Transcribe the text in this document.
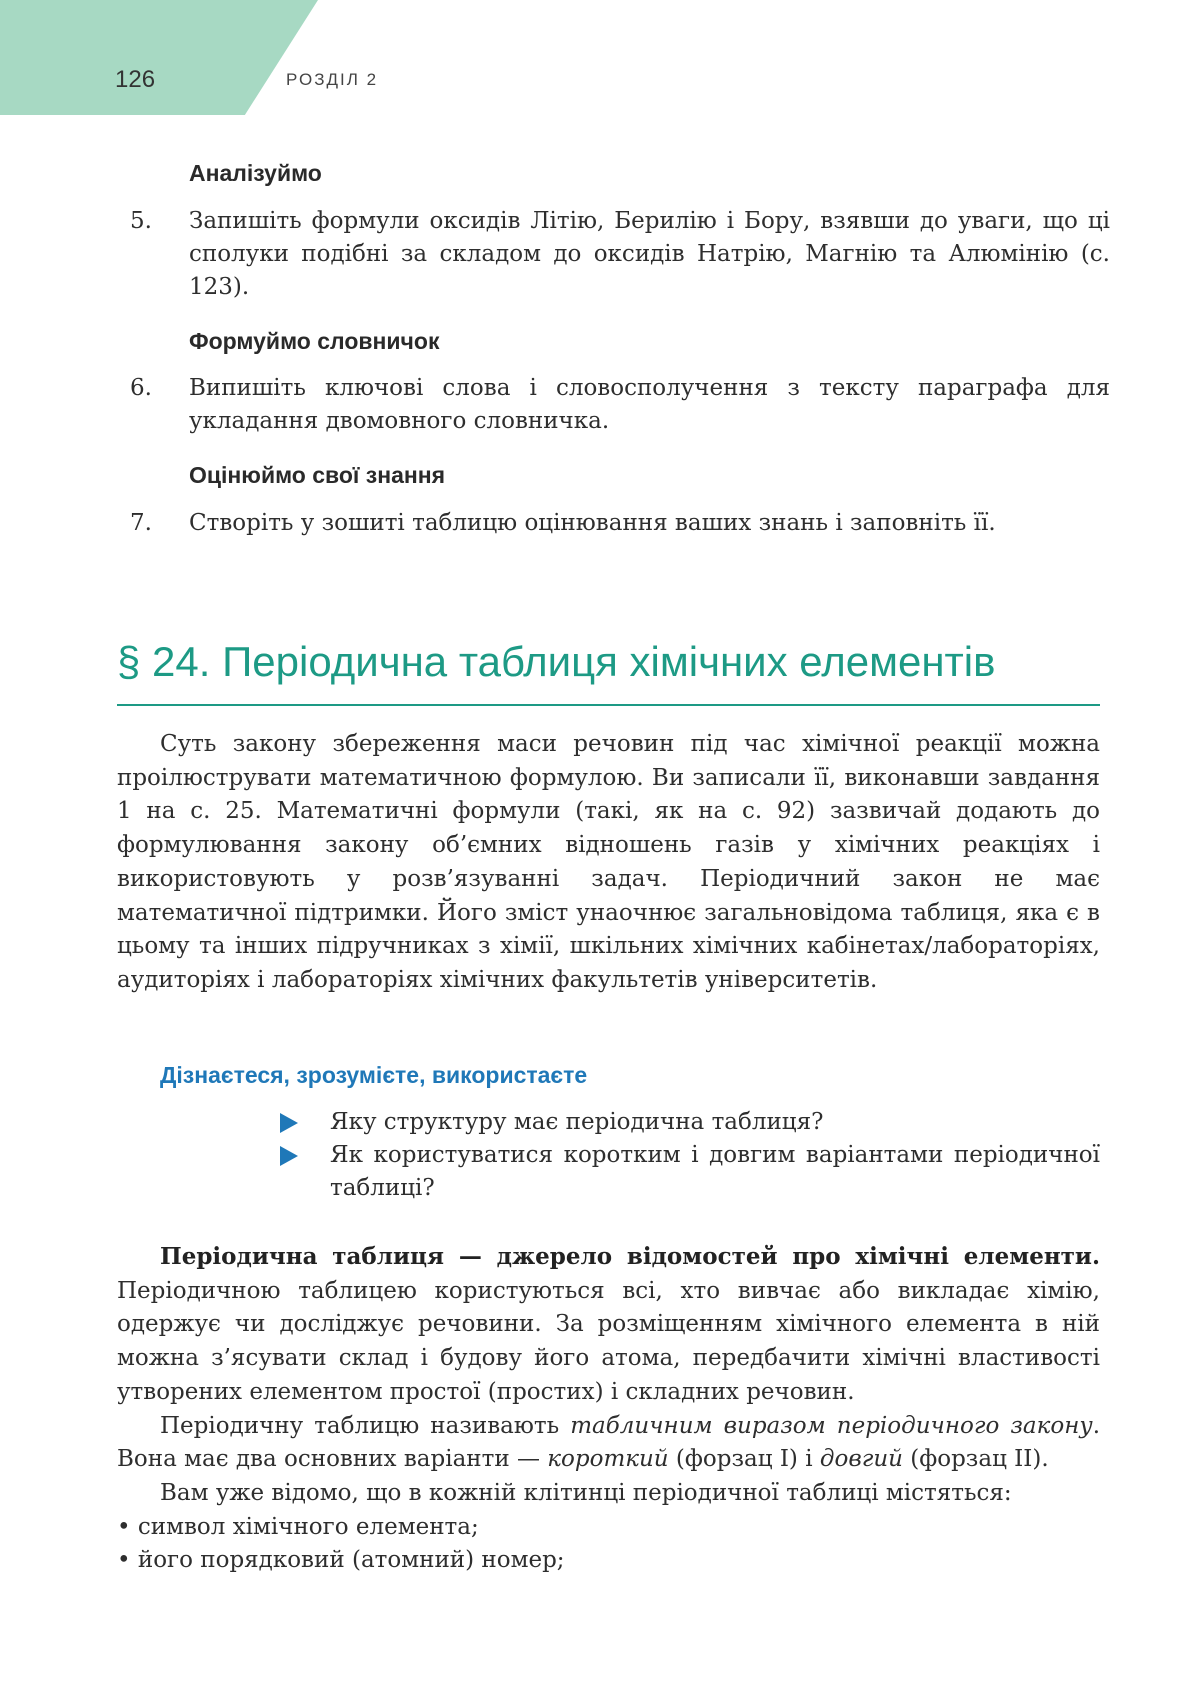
126	РОЗДІЛ 2
Аналізуймо
5. Запишіть формули оксидів Літію, Берилію і Бору, взявши до уваги, що ці сполуки подібні за складом до оксидів Натрію, Магнію та Алюмінію (с. 123).
Формуймо словничок
6. Випишіть ключові слова і словосполучення з тексту параграфа для укладання двомовного словничка.
Оцінюймо свої знання
7. Створіть у зошиті таблицю оцінювання ваших знань і заповніть її.
§ 24. Періодична таблиця хімічних елементів
Суть закону збереження маси речовин під час хімічної реакції можна проілюструвати математичною формулою. Ви записали її, виконавши завдання 1 на с. 25. Математичні формули (такі, як на с. 92) зазвичай додають до формулювання закону об’ємних відношень газів у хімічних реакціях і використовують у розв’язуванні задач. Періодичний закон не має математичної підтримки. Його зміст унаочнює загальновідома таблиця, яка є в цьому та інших підручниках з хімії, шкільних хімічних кабінетах/лабораторіях, аудиторіях і лабораторіях хімічних факультетів університетів.
Дізнаєтеся, зрозумієте, використаєте
Яку структуру має періодична таблиця?
Як користуватися коротким і довгим варіантами періодичної таблиці?

Періодична таблиця — джерело відомостей про хімічні елементи. Періодичною таблицею користуються всі, хто вивчає або викладає хімію, одержує чи досліджує речовини. За розміщенням хімічного елемента в ній можна з’ясувати склад і будову його атома, передбачити хімічні властивості утворених елементом простої (простих) і складних речовин.

Періодичну таблицю називають табличним виразом періодичного закону. Вона має два основних варіанти — короткий (форзац I) і довгий (форзац II).

Вам уже відомо, що в кожній клітинці періодичної таблиці містяться:

• символ хімічного елемента;

• його порядковий (атомний) номер;
